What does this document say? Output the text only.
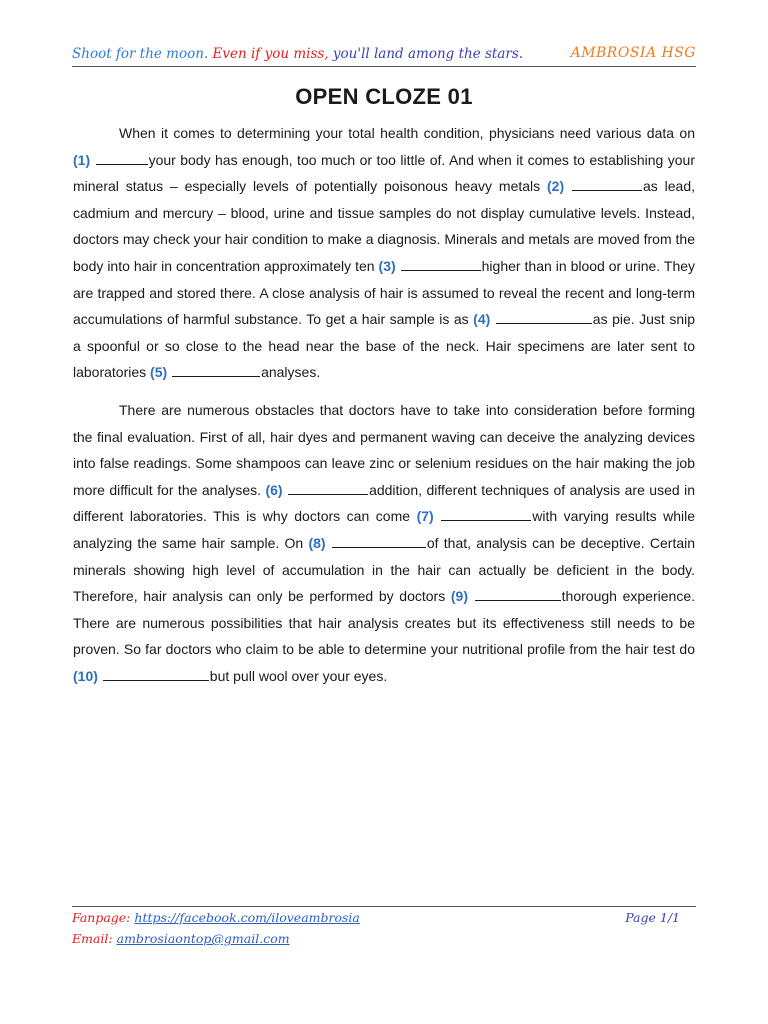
Shoot for the moon. Even if you miss, you'll land among the stars.	AMBROSIA HSG
OPEN CLOZE 01

When it comes to determining your total health condition, physicians need various data on (1)	your body has enough, too much or too little of. And when it comes to establishing your mineral status – especially levels of potentially poisonous heavy metals (2)	as lead, cadmium and mercury – blood, urine and tissue samples do not display cumulative levels. Instead, doctors may check your hair condition to make a diagnosis. Minerals and metals are moved from the body into hair in concentration approximately ten (3)	higher than in blood or urine. They are trapped and stored there. A close analysis of hair is assumed to reveal the recent and long-term accumulations of harmful substance. To get a hair sample is as (4)	as pie. Just snip a spoonful or so close to the head near the base of the neck. Hair specimens are later sent to laboratories (5)	analyses.

There are numerous obstacles that doctors have to take into consideration before forming the final evaluation. First of all, hair dyes and permanent waving can deceive the analyzing devices into false readings. Some shampoos can leave zinc or selenium residues on the hair making the job more difficult for the analyses. (6)	addition, different techniques of analysis are used in different laboratories. This is why doctors can come (7)	with varying results while analyzing the same hair sample. On (8)	of that, analysis can be deceptive. Certain minerals showing high level of accumulation in the hair can actually be deficient in the body. Therefore, hair analysis can only be performed by doctors (9)	thorough experience. There are numerous possibilities that hair analysis creates but its effectiveness still needs to be proven. So far doctors who claim to be able to determine your nutritional profile from the hair test do (10)	but pull wool over your eyes.

Fanpage: https://facebook.com/iloveambrosia	Page 1/1
Email: ambrosiaontop@gmail.com
